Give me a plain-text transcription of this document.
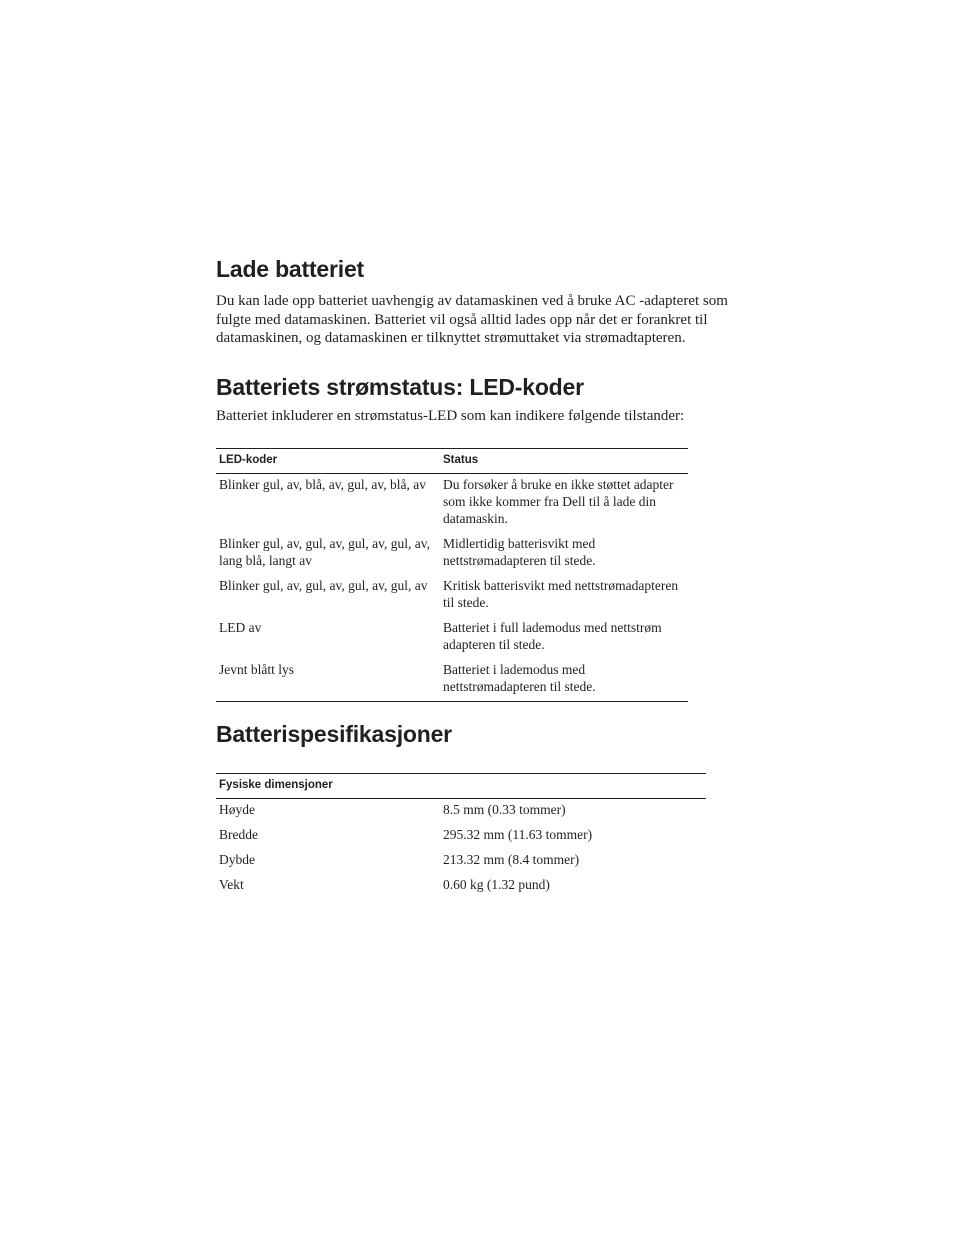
Lade batteriet

Du kan lade opp batteriet uavhengig av datamaskinen ved å bruke AC -adapteret som fulgte med datamaskinen. Batteriet vil også alltid lades opp når det er forankret til datamaskinen, og datamaskinen er tilknyttet strømuttaket via strømadtapteren.

Batteriets strømstatus: LED-koder

Batteriet inkluderer en strømstatus-LED som kan indikere følgende tilstander:

LED-koder	Status
Blinker gul, av, blå, av, gul, av, blå, av	Du forsøker å bruke en ikke støttet adapter som ikke kommer fra Dell til å lade din datamaskin.
Blinker gul, av, gul, av, gul, av, gul, av, lang blå, langt av	Midlertidig batterisvikt med nettstrømadapteren til stede.
Blinker gul, av, gul, av, gul, av, gul, av	Kritisk batterisvikt med nettstrømadapteren til stede.
LED av	Batteriet i full lademodus med nettstrøm adapteren til stede.
Jevnt blått lys	Batteriet i lademodus med nettstrømadapteren til stede.
Batterispesifikasjoner
Fysiske dimensjoner	
Høyde	8.5 mm (0.33 tommer)
Bredde	295.32 mm (11.63 tommer)
Dybde	213.32 mm (8.4 tommer)
Vekt	0.60 kg (1.32 pund)
